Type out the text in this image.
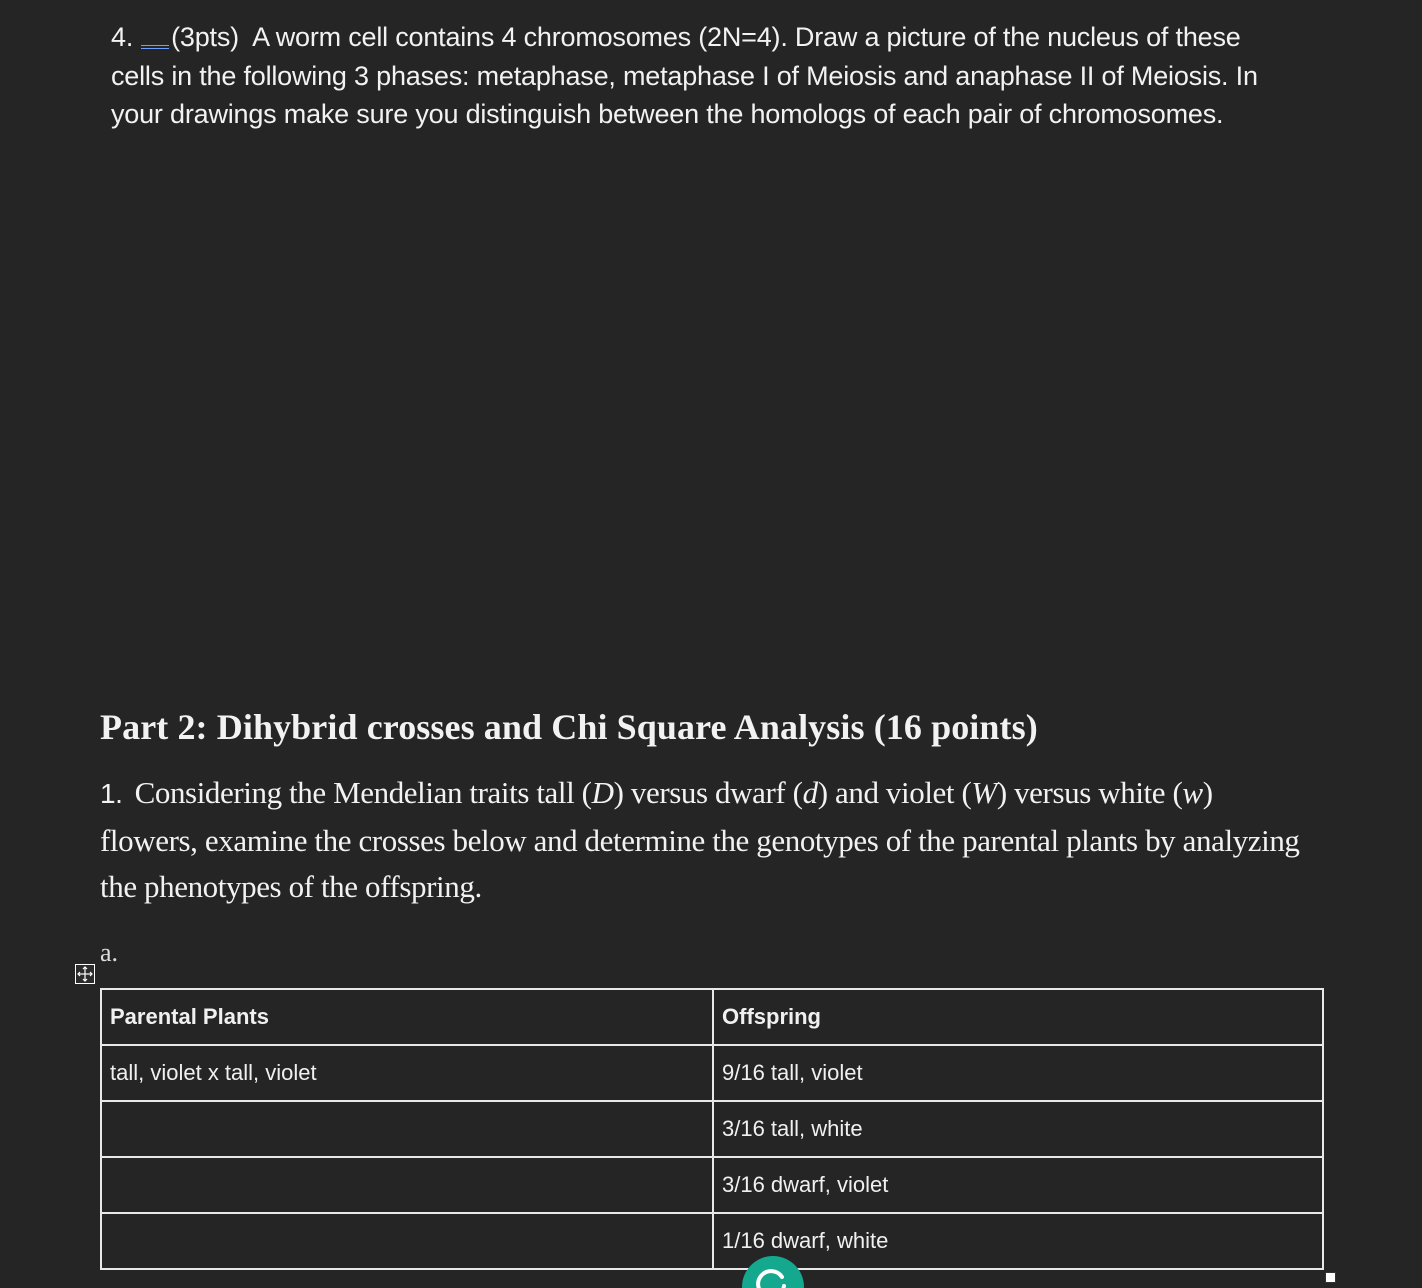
4. (3pts) A worm cell contains 4 chromosomes (2N=4). Draw a picture of the nucleus of these cells in the following 3 phases: metaphase, metaphase I of Meiosis and anaphase II of Meiosis. In your drawings make sure you distinguish between the homologs of each pair of chromosomes.
Part 2: Dihybrid crosses and Chi Square Analysis (16 points)
1. Considering the Mendelian traits tall (D) versus dwarf (d) and violet (W) versus white (w) flowers, examine the crosses below and determine the genotypes of the parental plants by analyzing the phenotypes of the offspring.
a.
Parental Plants	Offspring
tall, violet x tall, violet	9/16 tall, violet
	3/16 tall, white
	3/16 dwarf, violet
	1/16 dwarf, white
